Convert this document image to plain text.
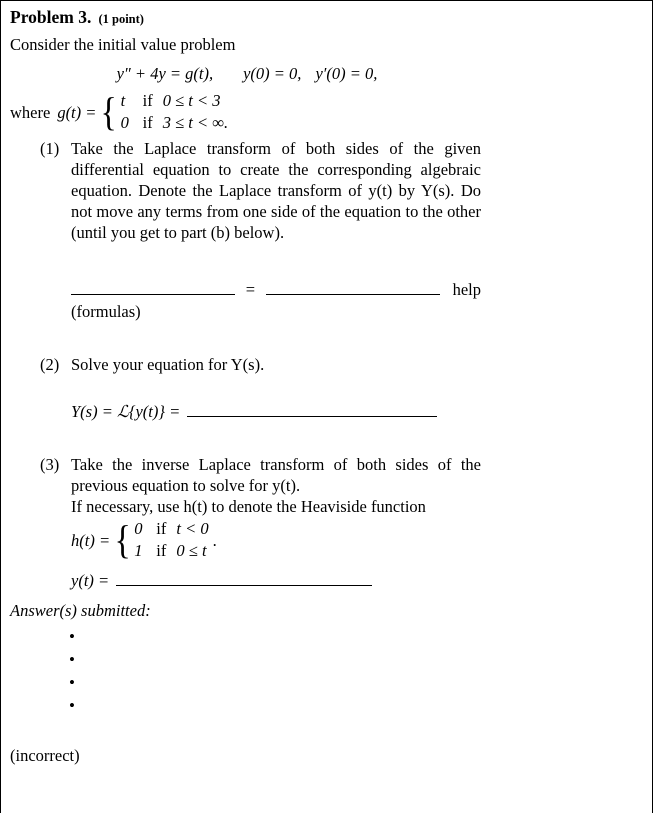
Problem 3. (1 point)

Consider the initial value problem

y″ + 4y = g(t), y(0) = 0, y′(0) = 0,
where g(t) = { t if 0 ≤ t < 3
0 if 3 ≤ t < ∞.
(1) Take the Laplace transform of both sides of the given differential equation to create the corresponding algebraic equation. Denote the Laplace transform of y(t) by Y(s). Do not move any terms from one side of the equation to the other (until you get to part (b) below).

=	help
(formulas)
(2) Solve your equation for Y(s).

Y(s) = ℒ{y(t)} =
(3) Take the inverse Laplace transform of both sides of the previous equation to solve for y(t).

If necessary, use h(t) to denote the Heaviside function

h(t) = { 0 if t < 0
1 if 0 ≤ t
.
y(t) =

Answer(s) submitted:

•
•
•
•

(incorrect)
